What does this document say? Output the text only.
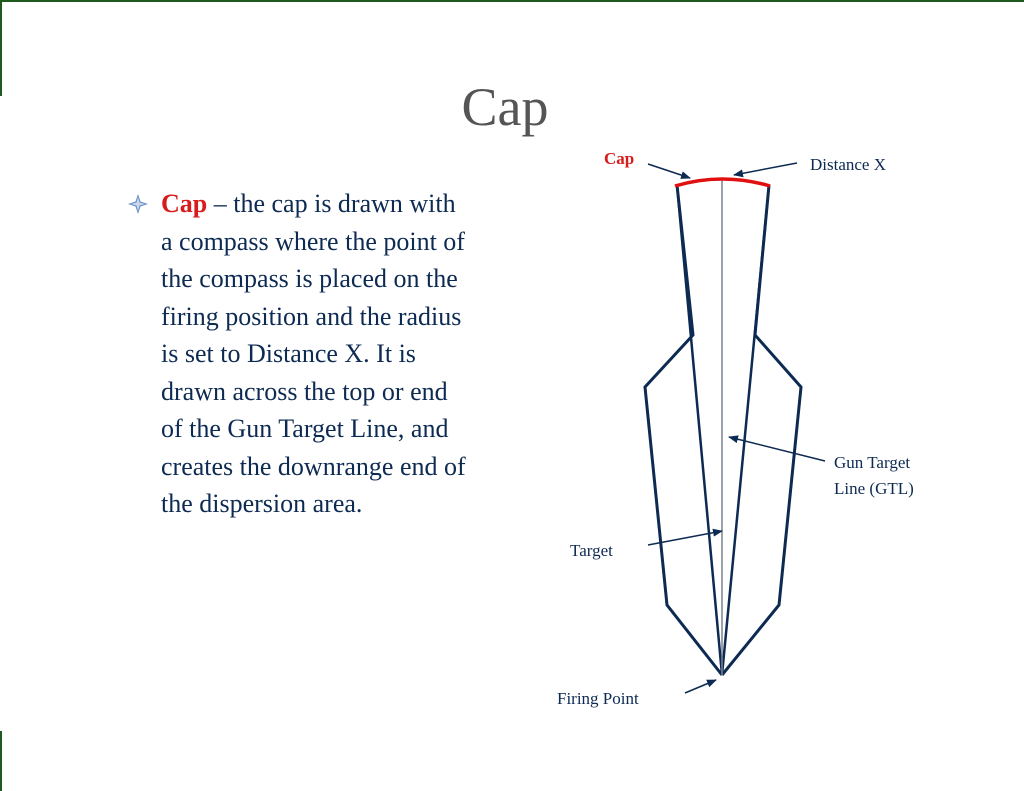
Cap
Cap – the cap is drawn with a compass where the point of the compass is placed on the firing position and the radius is set to Distance X. It is drawn across the top or end of the Gun Target Line, and creates the downrange end of the dispersion area.
Cap	Distance X
Gun Target
Line (GTL)
Target
Firing Point
